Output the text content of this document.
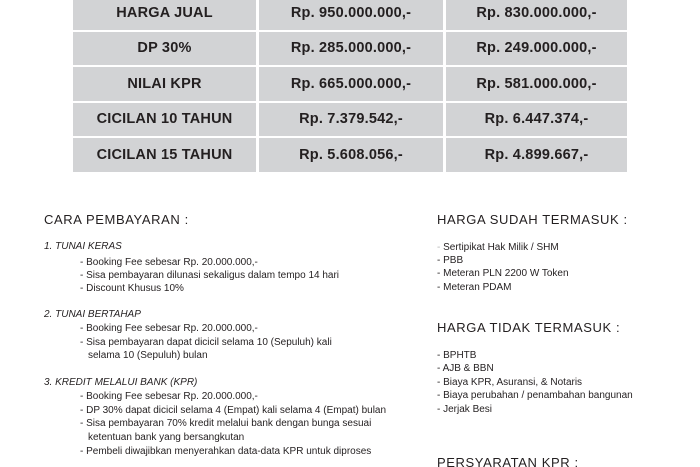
HARGA JUAL	Rp. 950.000.000,-	Rp. 830.000.000,-
DP 30%	Rp. 285.000.000,-	Rp. 249.000.000,-
NILAI KPR	Rp. 665.000.000,-	Rp. 581.000.000,-
CICILAN 10 TAHUN	Rp. 7.379.542,-	Rp. 6.447.374,-
CICILAN 15 TAHUN	Rp. 5.608.056,-	Rp. 4.899.667,-
CARA PEMBAYARAN :
1. TUNAI KERAS
- Booking Fee sebesar Rp. 20.000.000,-
- Sisa pembayaran dilunasi sekaligus dalam tempo 14 hari
- Discount Khusus 10%
2. TUNAI BERTAHAP
- Booking Fee sebesar Rp. 20.000.000,-
- Sisa pembayaran dapat dicicil selama 10 (Sepuluh) kali
selama 10 (Sepuluh) bulan
3. KREDIT MELALUI BANK (KPR)
- Booking Fee sebesar Rp. 20.000.000,-
- DP 30% dapat dicicil selama 4 (Empat) kali selama 4 (Empat) bulan
- Sisa pembayaran 70% kredit melalui bank dengan bunga sesuai
ketentuan bank yang bersangkutan
- Pembeli diwajibkan menyerahkan data-data KPR untuk diproses
HARGA SUDAH TERMASUK :
- Sertipikat Hak Milik / SHM
- PBB
- Meteran PLN 2200 W Token
- Meteran PDAM
HARGA TIDAK TERMASUK :
- BPHTB
- AJB & BBN
- Biaya KPR, Asuransi, & Notaris
- Biaya perubahan / penambahan bangunan
- Jerjak Besi
PERSYARATAN KPR :
